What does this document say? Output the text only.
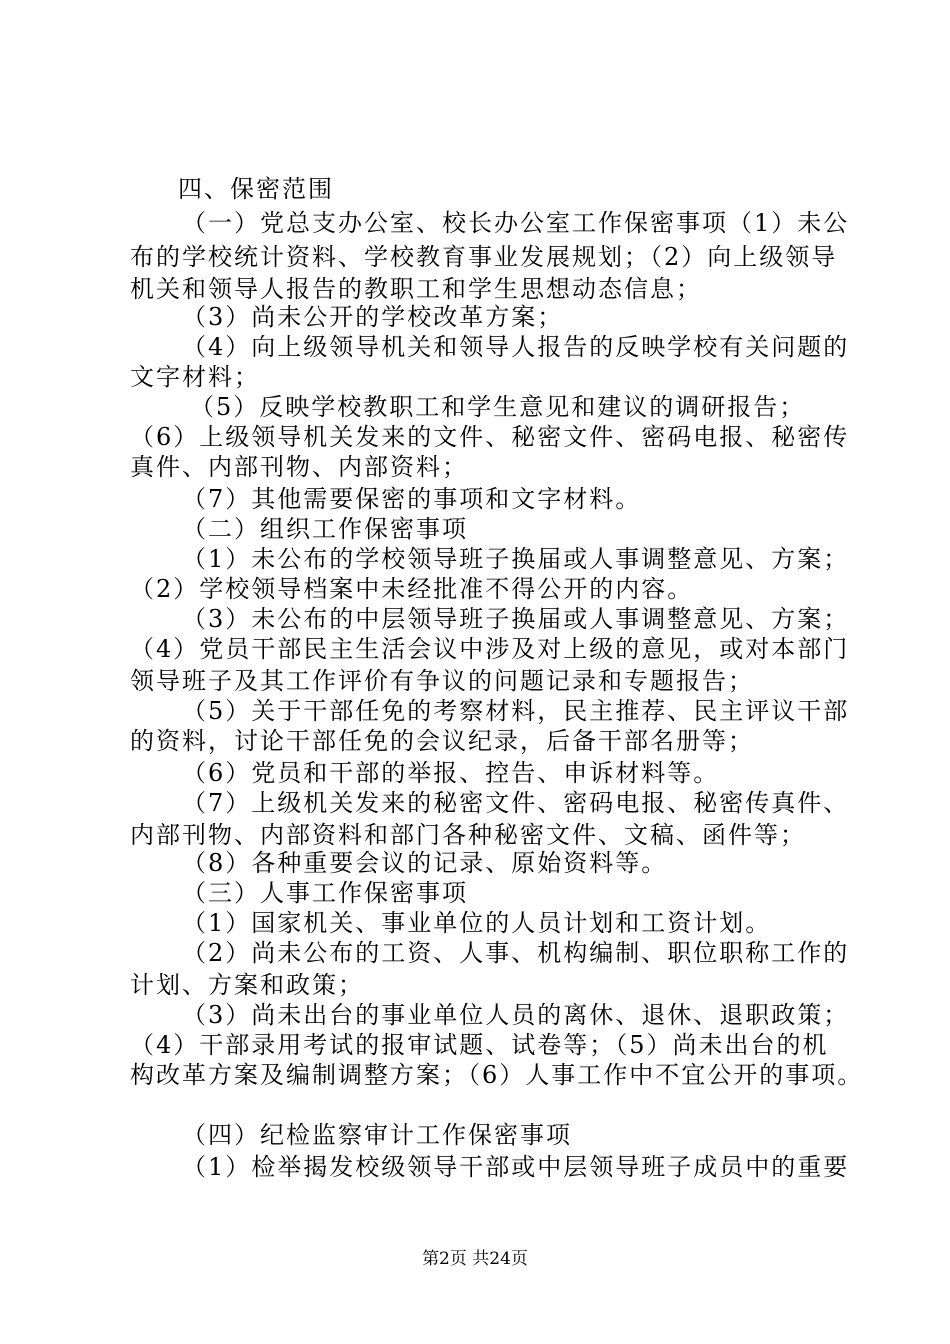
四、保密范围
（一）党总支办公室、校长办公室工作保密事项（1）未公
布的学校统计资料、学校教育事业发展规划；（2）向上级领导
机关和领导人报告的教职工和学生思想动态信息；
（3）尚未公开的学校改革方案；
（4）向上级领导机关和领导人报告的反映学校有关问题的
文字材料；
（5）反映学校教职工和学生意见和建议的调研报告；
（6）上级领导机关发来的文件、秘密文件、密码电报、秘密传
真件、内部刊物、内部资料；
（7）其他需要保密的事项和文字材料。
（二）组织工作保密事项
（1）未公布的学校领导班子换届或人事调整意见、方案；
（2）学校领导档案中未经批准不得公开的内容。
（3）未公布的中层领导班子换届或人事调整意见、方案；
（4）党员干部民主生活会议中涉及对上级的意见，或对本部门
领导班子及其工作评价有争议的问题记录和专题报告；
（5）关于干部任免的考察材料，民主推荐、民主评议干部
的资料，讨论干部任免的会议纪录，后备干部名册等；
（6）党员和干部的举报、控告、申诉材料等。
（7）上级机关发来的秘密文件、密码电报、秘密传真件、
内部刊物、内部资料和部门各种秘密文件、文稿、函件等；
（8）各种重要会议的记录、原始资料等。
（三）人事工作保密事项
（1）国家机关、事业单位的人员计划和工资计划。
（2）尚未公布的工资、人事、机构编制、职位职称工作的
计划、方案和政策；
（3）尚未出台的事业单位人员的离休、退休、退职政策；
（4）干部录用考试的报审试题、试卷等；（5）尚未出台的机
构改革方案及编制调整方案；（6）人事工作中不宜公开的事项。
（四）纪检监察审计工作保密事项
（1）检举揭发校级领导干部或中层领导班子成员中的重要
第2页 共24页
